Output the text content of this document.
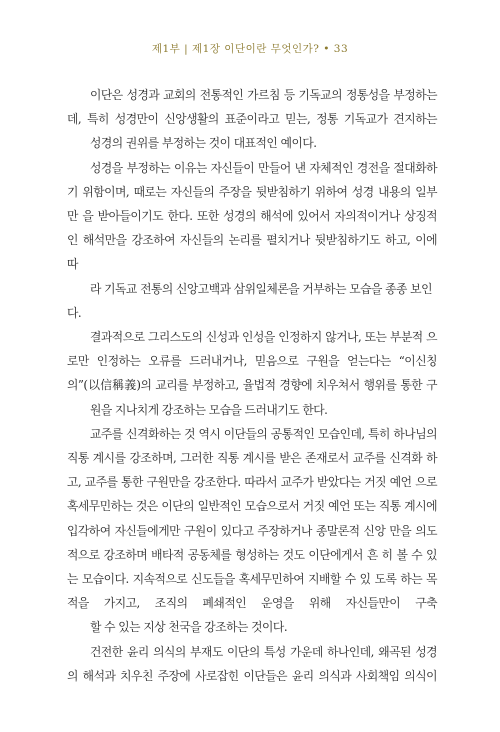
제1부 | 제1장 이단이란 무엇인가? • 33

이단은 성경과 교회의 전통적인 가르침 등 기독교의 정통성을 부정하는 데, 특히 성경만이 신앙생활의 표준이라고 믿는, 정통 기독교가 견지하는
성경의 권위를 부정하는 것이 대표적인 예이다.

성경을 부정하는 이유는 자신들이 만들어 낸 자체적인 경전을 절대화하기 위함이며, 때로는 자신들의 주장을 뒷받침하기 위하여 성경 내용의 일부만 을 받아들이기도 한다. 또한 성경의 해석에 있어서 자의적이거나 상징적인 해석만을 강조하여 자신들의 논리를 펼치거나 뒷받침하기도 하고, 이에 따
라 기독교 전통의 신앙고백과 삼위일체론을 거부하는 모습을 종종 보인다.

결과적으로 그리스도의 신성과 인성을 인정하지 않거나, 또는 부분적 으로만 인정하는 오류를 드러내거나, 믿음으로 구원을 얻는다는 “이신칭 의”(以信稱義)의 교리를 부정하고, 율법적 경향에 치우쳐서 행위를 통한 구
원을 지나치게 강조하는 모습을 드러내기도 한다.

교주를 신격화하는 것 역시 이단들의 공통적인 모습인데, 특히 하나님의 직통 계시를 강조하며, 그러한 직통 계시를 받은 존재로서 교주를 신격화 하고, 교주를 통한 구원만을 강조한다. 따라서 교주가 받았다는 거짓 예언 으로 혹세무민하는 것은 이단의 일반적인 모습으로서 거짓 예언 또는 직통 계시에 입각하여 자신들에게만 구원이 있다고 주장하거나 종말론적 신앙 만을 의도적으로 강조하며 배타적 공동체를 형성하는 것도 이단에게서 흔 히 볼 수 있는 모습이다. 지속적으로 신도들을 혹세무민하여 지배할 수 있 도록 하는 목적을 가지고, 조직의 폐쇄적인 운영을 위해 자신들만이 구축
할 수 있는 지상 천국을 강조하는 것이다.

건전한 윤리 의식의 부재도 이단의 특성 가운데 하나인데, 왜곡된 성경 의 해석과 치우친 주장에 사로잡힌 이단들은 윤리 의식과 사회책임 의식이
